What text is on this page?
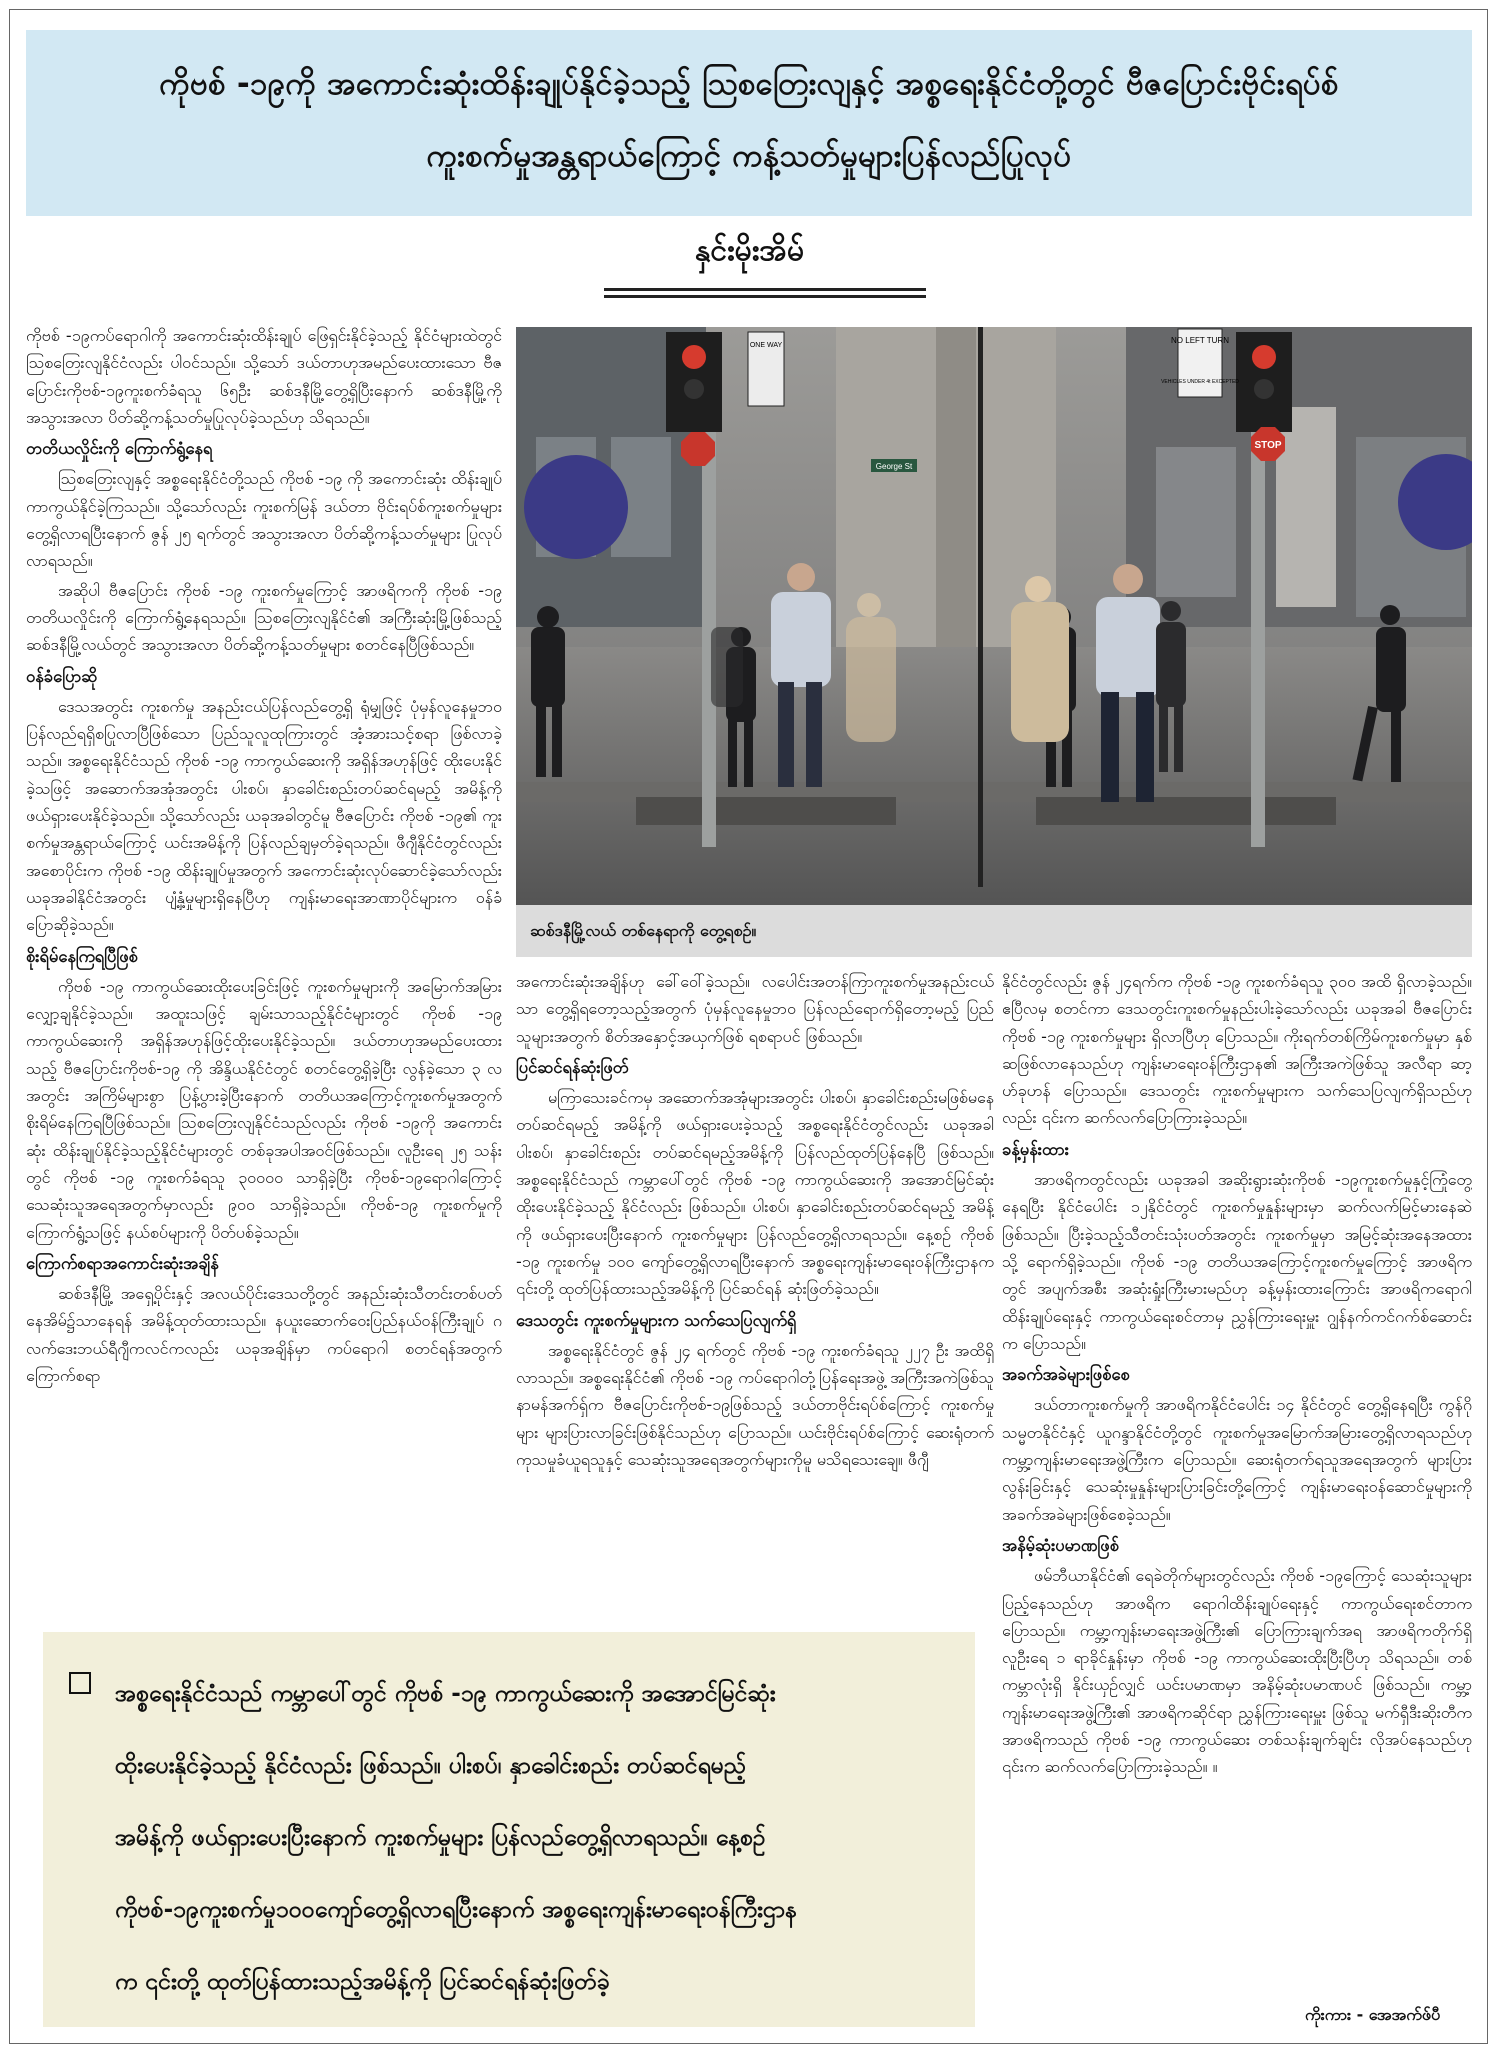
ကိုဗစ် -၁၉ကို အကောင်းဆုံးထိန်းချုပ်နိုင်ခဲ့သည့် ဩစတြေးလျနှင့် အစ္စရေးနိုင်ငံတို့တွင် ဗီဇပြောင်းဗိုင်းရပ်စ်
ကူးစက်မှုအန္တရာယ်ကြောင့် ကန့်သတ်မှုများပြန်လည်ပြုလုပ်
နှင်းမိုးအိမ်

ကိုဗစ် -၁၉ကပ်ရောဂါကို အကောင်းဆုံးထိန်းချုပ် ဖြေရှင်းနိုင်ခဲ့သည့် နိုင်ငံများထဲတွင် ဩစတြေးလျနိုင်ငံလည်း ပါဝင်သည်။ သို့သော် ဒယ်တာဟုအမည်ပေးထားသော ဗီဇပြောင်းကိုဗစ်-၁၉ကူးစက်ခံရသူ ၆၅ဦး ဆစ်ဒနီမြို့တွေ့ရှိပြီးနောက် ဆစ်ဒနီမြို့ကို အသွားအလာ ပိတ်ဆို့ကန့်သတ်မှုပြုလုပ်ခဲ့သည်ဟု သိရသည်။

တတိယလှိုင်းကို ကြောက်ရွံ့နေရ

ဩစတြေးလျနှင့် အစ္စရေးနိုင်ငံတို့သည် ကိုဗစ် -၁၉ ကို အကောင်းဆုံး ထိန်းချုပ်ကာကွယ်နိုင်ခဲ့ကြသည်။ သို့သော်လည်း ကူးစက်မြန် ဒယ်တာ ဗိုင်းရပ်စ်ကူးစက်မှုများ တွေ့ရှိလာရပြီးနောက် ဇွန် ၂၅ ရက်တွင် အသွားအလာ ပိတ်ဆို့ကန့်သတ်မှုများ ပြုလုပ်လာရသည်။

အဆိုပါ ဗီဇပြောင်း ကိုဗစ် -၁၉ ကူးစက်မှုကြောင့် အာဖရိကကို ကိုဗစ် -၁၉ တတိယလှိုင်းကို ကြောက်ရွံ့နေရသည်။ ဩစတြေးလျနိုင်ငံ၏ အကြီးဆုံးမြို့ဖြစ်သည့် ဆစ်ဒနီမြို့လယ်တွင် အသွားအလာ ပိတ်ဆို့ကန့်သတ်မှုများ စတင်နေပြီဖြစ်သည်။

ဝန်ခံပြောဆို

ဒေသအတွင်း ကူးစက်မှု အနည်းငယ်ပြန်လည်တွေ့ရှိ ရုံမျှဖြင့် ပုံမှန်လူနေမှုဘဝ ပြန်လည်ရရှိစပြုလာပြီဖြစ်သော ပြည်သူလူထုကြားတွင် အံ့အားသင့်စရာ ဖြစ်လာခဲ့သည်။ အစ္စရေးနိုင်ငံသည် ကိုဗစ် -၁၉ ကာကွယ်ဆေးကို အရှိန်အဟုန်ဖြင့် ထိုးပေးနိုင်ခဲ့သဖြင့် အဆောက်အအုံအတွင်း ပါးစပ်၊ နှာခေါင်းစည်းတပ်ဆင်ရမည့် အမိန့်ကို ဖယ်ရှားပေးနိုင်ခဲ့သည်။ သို့သော်လည်း ယခုအခါတွင်မူ ဗီဇပြောင်း ကိုဗစ် -၁၉၏ ကူးစက်မှုအန္တရာယ်ကြောင့် ယင်းအမိန့်ကို ပြန်လည်ချမှတ်ခဲ့ရသည်။ ဖီဂျီနိုင်ငံတွင်လည်း အစောပိုင်းက ကိုဗစ် -၁၉ ထိန်းချုပ်မှုအတွက် အကောင်းဆုံးလုပ်ဆောင်ခဲ့သော်လည်း ယခုအခါနိုင်ငံအတွင်း ပျံ့နှံ့မှုများရှိနေပြီဟု ကျန်းမာရေးအာဏာပိုင်များက ဝန်ခံပြောဆိုခဲ့သည်။

စိုးရိမ်နေကြရပြီဖြစ်

ကိုဗစ် -၁၉ ကာကွယ်ဆေးထိုးပေးခြင်းဖြင့် ကူးစက်မှုများကို အမြောက်အမြား လျှော့ချနိုင်ခဲ့သည်။ အထူးသဖြင့် ချမ်းသာသည့်နိုင်ငံများတွင် ကိုဗစ် -၁၉ ကာကွယ်ဆေးကို အရှိန်အဟုန်ဖြင့်ထိုးပေးနိုင်ခဲ့သည်။ ဒယ်တာဟုအမည်ပေးထားသည့် ဗီဇပြောင်းကိုဗစ်-၁၉ ကို အိန္ဒိယနိုင်ငံတွင် စတင်တွေ့ရှိခဲ့ပြီး လွန်ခဲ့သော ၃ လအတွင်း အကြိမ်များစွာ ပြန့်ပွားခဲ့ပြီးနောက် တတိယအကြောင့်ကူးစက်မှုအတွက် စိုးရိမ်နေကြရပြီဖြစ်သည်။ ဩစတြေးလျနိုင်ငံသည်လည်း ကိုဗစ် -၁၉ကို အကောင်းဆုံး ထိန်းချုပ်နိုင်ခဲ့သည့်နိုင်ငံများတွင် တစ်ခုအပါအဝင်ဖြစ်သည်။ လူဦးရေ ၂၅ သန်းတွင် ကိုဗစ် -၁၉ ကူးစက်ခံရသူ ၃၀၀၀၀ သာရှိခဲ့ပြီး ကိုဗစ်-၁၉ရောဂါကြောင့် သေဆုံးသူအရေအတွက်မှာလည်း ၉၀၀ သာရှိခဲ့သည်။ ကိုဗစ်-၁၉ ကူးစက်မှုကို ကြောက်ရွံ့သဖြင့် နယ်စပ်များကို ပိတ်ပစ်ခဲ့သည်။

ကြောက်စရာအကောင်းဆုံးအချိန်

ဆစ်ဒနီမြို့ အရှေ့ပိုင်းနှင့် အလယ်ပိုင်းဒေသတို့တွင် အနည်းဆုံးသီတင်းတစ်ပတ် နေအိမ်၌သာနေရန် အမိန့်ထုတ်ထားသည်။ နယူးဆောက်ဝေးပြည်နယ်ဝန်ကြီးချုပ် ဂလက်ဒေးဘယ်ရီဂျီကလင်ကလည်း ယခုအချိန်မှာ ကပ်ရောဂါ စတင်ရန်အတွက် ကြောက်စရာ

ONE WAY
NO LEFT TURN
VEHICLES UNDER 4t EXCEPTED
STOP
George St
ဆစ်ဒနီမြို့လယ် တစ်နေရာကို တွေ့ရစဉ်။

အကောင်းဆုံးအချိန်ဟု ခေါ်ဝေါ်ခဲ့သည်။ လပေါင်းအတန်ကြာကူးစက်မှုအနည်းငယ်သာ တွေ့ရှိရတော့သည့်အတွက် ပုံမှန်လူနေမှုဘဝ ပြန်လည်ရောက်ရှိတော့မည့် ပြည်သူများအတွက် စိတ်အနှောင့်အယှက်ဖြစ် ရစရာပင် ဖြစ်သည်။

ပြင်ဆင်ရန်ဆုံးဖြတ်

မကြာသေးခင်ကမှ အဆောက်အအုံများအတွင်း ပါးစပ်၊ နှာခေါင်းစည်းမဖြစ်မနေ တပ်ဆင်ရမည့် အမိန့်ကို ဖယ်ရှားပေးခဲ့သည့် အစ္စရေးနိုင်ငံတွင်လည်း ယခုအခါ ပါးစပ်၊ နှာခေါင်းစည်း တပ်ဆင်ရမည့်အမိန့်ကို ပြန်လည်ထုတ်ပြန်နေပြီ ဖြစ်သည်။ အစ္စရေးနိုင်ငံသည် ကမ္ဘာပေါ်တွင် ကိုဗစ် -၁၉ ကာကွယ်ဆေးကို အအောင်မြင်ဆုံး ထိုးပေးနိုင်ခဲ့သည့် နိုင်ငံလည်း ဖြစ်သည်။ ပါးစပ်၊ နှာခေါင်းစည်းတပ်ဆင်ရမည့် အမိန့်ကို ဖယ်ရှားပေးပြီးနောက် ကူးစက်မှုများ ပြန်လည်တွေ့ရှိလာရသည်။ နေ့စဉ် ကိုဗစ် -၁၉ ကူးစက်မှု ၁၀၀ ကျော်တွေ့ရှိလာရပြီးနောက် အစ္စရေးကျန်းမာရေးဝန်ကြီးဌာနက ၎င်းတို့ ထုတ်ပြန်ထားသည့်အမိန့်ကို ပြင်ဆင်ရန် ဆုံးဖြတ်ခဲ့သည်။

ဒေသတွင်း ကူးစက်မှုများက သက်သေပြလျက်ရှိ

အစ္စရေးနိုင်ငံတွင် ဇွန် ၂၄ ရက်တွင် ကိုဗစ် -၁၉ ကူးစက်ခံရသူ ၂၂၇ ဦး အထိရှိလာသည်။ အစ္စရေးနိုင်ငံ၏ ကိုဗစ် -၁၉ ကပ်ရောဂါတုံ့ပြန်ရေးအဖွဲ့ အကြီးအကဲဖြစ်သူ နာမန်အက်ရှ်က ဗီဇပြောင်းကိုဗစ်-၁၉ဖြစ်သည့် ဒယ်တာဗိုင်းရပ်စ်ကြောင့် ကူးစက်မှုများ များပြားလာခြင်းဖြစ်နိုင်သည်ဟု ပြောသည်။ ယင်းဗိုင်းရပ်စ်ကြောင့် ဆေးရုံတက်ကုသမှုခံယူရသူနှင့် သေဆုံးသူအရေအတွက်များကိုမူ မသိရသေးချေ။ ဖီဂျီ

နိုင်ငံတွင်လည်း ဇွန် ၂၄ရက်က ကိုဗစ် -၁၉ ကူးစက်ခံရသူ ၃၀၀ အထိ ရှိလာခဲ့သည်။ ဧပြီလမှ စတင်ကာ ဒေသတွင်းကူးစက်မှုနည်းပါးခဲ့သော်လည်း ယခုအခါ ဗီဇပြောင်းကိုဗစ် -၁၉ ကူးစက်မှုများ ရှိလာပြီဟု ပြောသည်။ ကိုးရက်တစ်ကြိမ်ကူးစက်မှုမှာ နှစ်ဆဖြစ်လာနေသည်ဟု ကျန်းမာရေးဝန်ကြီးဌာန၏ အကြီးအကဲဖြစ်သူ အလီရာ ဆာ့ဟ်ခုဟန် ပြောသည်။ ဒေသတွင်း ကူးစက်မှုများက သက်သေပြလျက်ရှိသည်ဟုလည်း ၎င်းက ဆက်လက်ပြောကြားခဲ့သည်။

ခန့်မှန်းထား

အာဖရိကတွင်လည်း ယခုအခါ အဆိုးရွားဆုံးကိုဗစ် -၁၉ကူးစက်မှုနှင့်ကြုံတွေ့နေရပြီး နိုင်ငံပေါင်း ၁၂နိုင်ငံတွင် ကူးစက်မှုနှုန်းများမှာ ဆက်လက်မြင့်မားနေဆဲဖြစ်သည်။ ပြီးခဲ့သည့်သီတင်းသုံးပတ်အတွင်း ကူးစက်မှုမှာ အမြင့်ဆုံးအနေအထားသို့ ရောက်ရှိခဲ့သည်။ ကိုဗစ် -၁၉ တတိယအကြောင့်ကူးစက်မှုကြောင့် အာဖရိကတွင် အပျက်အစီး အဆုံးရှုံးကြီးမားမည်ဟု ခန့်မှန်းထားကြောင်း အာဖရိကရောဂါထိန်းချုပ်ရေးနှင့် ကာကွယ်ရေးစင်တာမှ ညွှန်ကြားရေးမှူး ဂျွန်နက်ကင်ဂက်စ်ဆောင်းက ပြောသည်။

အခက်အခဲများဖြစ်စေ

ဒယ်တာကူးစက်မှုကို အာဖရိကနိုင်ငံပေါင်း ၁၄ နိုင်ငံတွင် တွေ့ရှိနေရပြီး ကွန်ဂိုသမ္မတနိုင်ငံနှင့် ယူဂန္ဒာနိုင်ငံတို့တွင် ကူးစက်မှုအမြောက်အမြားတွေ့ရှိလာရသည်ဟု ကမ္ဘာ့ကျန်းမာရေးအဖွဲ့ကြီးက ပြောသည်။ ဆေးရုံတက်ရသူအရေအတွက် များပြားလွန်းခြင်းနှင့် သေဆုံးမှုနှုန်းများပြားခြင်းတို့ကြောင့် ကျန်းမာရေးဝန်ဆောင်မှုများကို အခက်အခဲများဖြစ်စေခဲ့သည်။

အနိမ့်ဆုံးပမာဏဖြစ်

ဖမ်ဘီယာနိုင်ငံ၏ ရေခဲတိုက်များတွင်လည်း ကိုဗစ် -၁၉ကြောင့် သေဆုံးသူများ ပြည့်နေသည်ဟု အာဖရိက ရောဂါထိန်းချုပ်ရေးနှင့် ကာကွယ်ရေးစင်တာက ပြောသည်။ ကမ္ဘာ့ကျန်းမာရေးအဖွဲ့ကြီး၏ ပြောကြားချက်အရ အာဖရိကတိုက်ရှိ လူဦးရေ ၁ ရာခိုင်နှုန်းမှာ ကိုဗစ် -၁၉ ကာကွယ်ဆေးထိုးပြီးပြီဟု သိရသည်။ တစ်ကမ္ဘာလုံးရှိ နိုင်းယှဉ်လျှင် ယင်းပမာဏမှာ အနိမ့်ဆုံးပမာဏပင် ဖြစ်သည်။ ကမ္ဘာ့ကျန်းမာရေးအဖွဲ့ကြီး၏ အာဖရိကဆိုင်ရာ ညွှန်ကြားရေးမှူး ဖြစ်သူ မက်ရှီဒီးဆိုးတီက အာဖရိကသည် ကိုဗစ် -၁၉ ကာကွယ်ဆေး တစ်သန်းချက်ချင်း လိုအပ်နေသည်ဟု ၎င်းက ဆက်လက်ပြောကြားခဲ့သည်။ ။

အစ္စရေးနိုင်ငံသည် ကမ္ဘာပေါ်တွင် ကိုဗစ် -၁၉ ကာကွယ်ဆေးကို အအောင်မြင်ဆုံး
ထိုးပေးနိုင်ခဲ့သည့် နိုင်ငံလည်း ဖြစ်သည်။ ပါးစပ်၊ နှာခေါင်းစည်း တပ်ဆင်ရမည့်
အမိန့်ကို ဖယ်ရှားပေးပြီးနောက် ကူးစက်မှုများ ပြန်လည်တွေ့ရှိလာရသည်။ နေ့စဉ်
ကိုဗစ်-၁၉ကူးစက်မှု၁၀၀ကျော်တွေ့ရှိလာရပြီးနောက် အစ္စရေးကျန်းမာရေးဝန်ကြီးဌာန
က ၎င်းတို့ ထုတ်ပြန်ထားသည့်အမိန့်ကို ပြင်ဆင်ရန်ဆုံးဖြတ်ခဲ့
ကိုးကား - အေအက်ဖ်ပီ
